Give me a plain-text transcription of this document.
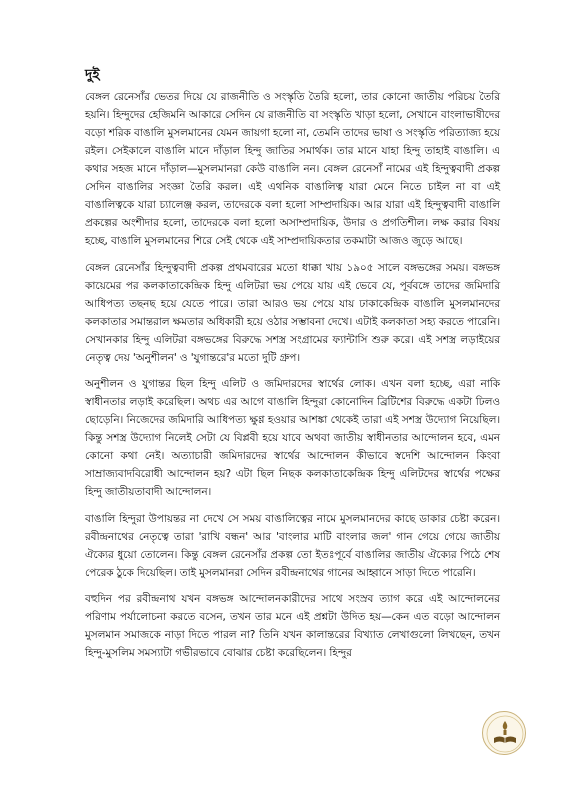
দুই

বেঙ্গল রেনেসাঁর ভেতর দিয়ে যে রাজনীতি ও সংস্কৃতি তৈরি হলো, তার কোনো জাতীয় পরিচয় তৈরি হয়নি। হিন্দুদের হেজিমনি আকারে সেদিন যে রাজনীতি বা সংস্কৃতি খাড়া হলো, সেখানে বাংলাভাষীদের বড়ো শরিক বাঙালি মুসলমানের যেমন জায়গা হলো না, তেমনি তাদের ভাষা ও সংস্কৃতি পরিত্যাজ্য হয়ে রইল। সেইকালে বাঙালি মানে দাঁড়াল হিন্দু জাতির সমার্থক। তার মানে যাহা হিন্দু তাহাই বাঙালি। এ কথার সহজ মানে দাঁড়াল—মুসলমানরা কেউ বাঙালি নন। বেঙ্গল রেনেসাঁ নামের এই হিন্দুত্ববাদী প্রকল্প সেদিন বাঙালির সংজ্ঞা তৈরি করল। এই এথনিক বাঙালিত্ব যারা মেনে নিতে চাইল না বা এই বাঙালিত্বকে যারা চ্যালেঞ্জ করল, তাদেরকে বলা হলো সাম্প্রদায়িক। আর যারা এই হিন্দুত্ববাদী বাঙালি প্রকল্পের অংশীদার হলো, তাদেরকে বলা হলো অসাম্প্রদায়িক, উদার ও প্রগতিশীল। লক্ষ করার বিষয় হচ্ছে, বাঙালি মুসলমানের শিরে সেই থেকে এই সাম্প্রদায়িকতার তকমাটা আজও জুড়ে আছে।

বেঙ্গল রেনেসাঁর হিন্দুত্ববাদী প্রকল্প প্রথমবারের মতো ধাক্কা খায় ১৯০৫ সালে বঙ্গভঙ্গের সময়। বঙ্গভঙ্গ কায়েমের পর কলকাতাকেন্দ্রিক হিন্দু এলিটরা ভয় পেয়ে যায় এই ভেবে যে, পূর্ববঙ্গে তাদের জমিদারি আধিপত্য তছনছ হয়ে যেতে পারে। তারা আরও ভয় পেয়ে যায় ঢাকাকেন্দ্রিক বাঙালি মুসলমানদের কলকাতার সমান্তরাল ক্ষমতার অধিকারী হয়ে ওঠার সম্ভাবনা দেখে। এটাই কলকাতা সহ্য করতে পারেনি। সেখানকার হিন্দু এলিটরা বঙ্গভঙ্গের বিরুদ্ধে সশস্ত্র সংগ্রামের ফ্যান্টাসি শুরু করে। এই সশস্ত্র লড়াইয়ের নেতৃত্ব দেয় 'অনুশীলন' ও 'যুগান্তরে'র মতো দুটি গ্রুপ।

অনুশীলন ও যুগান্তর ছিল হিন্দু এলিট ও জমিদারদের স্বার্থের লোক। এখন বলা হচ্ছে, এরা নাকি স্বাধীনতার লড়াই করেছিল। অথচ এর আগে বাঙালি হিন্দুরা কোনোদিন ব্রিটিশের বিরুদ্ধে একটা ঢিলও ছোড়েনি। নিজেদের জমিদারি আধিপত্য ক্ষুণ্ণ হওয়ার আশঙ্কা থেকেই তারা এই সশস্ত্র উদ্যোগ নিয়েছিল। কিন্তু সশস্ত্র উদ্যোগ নিলেই সেটা যে বিপ্লবী হয়ে যাবে অথবা জাতীয় স্বাধীনতার আন্দোলন হবে, এমন কোনো কথা নেই। অত্যাচারী জমিদারদের স্বার্থের আন্দোলন কীভাবে স্বদেশি আন্দোলন কিংবা সাম্রাজ্যবাদবিরোধী আন্দোলন হয়? এটা ছিল নিছক কলকাতাকেন্দ্রিক হিন্দু এলিটদের স্বার্থের পক্ষের হিন্দু জাতীয়তাবাদী আন্দোলন।

বাঙালি হিন্দুরা উপায়ন্তর না দেখে সে সময় বাঙালিত্বের নামে মুসলমানদের কাছে ডাকার চেষ্টা করেন। রবীন্দ্রনাথের নেতৃত্বে তারা 'রাখি বন্ধন' আর 'বাংলার মাটি বাংলার জল' গান গেয়ে গেয়ে জাতীয় ঐক্যের ধুয়ো তোলেন। কিন্তু বেঙ্গল রেনেসাঁর প্রকল্প তো ইতঃপূর্বে বাঙালির জাতীয় ঐক্যের পিঠে শেষ পেরেক ঠুকে দিয়েছিল। তাই মুসলমানরা সেদিন রবীন্দ্রনাথের গানের আহ্বানে সাড়া দিতে পারেনি।

বহুদিন পর রবীন্দ্রনাথ যখন বঙ্গভঙ্গ আন্দোলনকারীদের সাথে সংস্রব ত্যাগ করে এই আন্দোলনের পরিণাম পর্যালোচনা করতে বসেন, তখন তার মনে এই প্রশ্নটা উদিত হয়—কেন এত বড়ো আন্দোলন মুসলমান সমাজকে নাড়া দিতে পারল না? তিনি যখন কালান্তরের বিখ্যাত লেখাগুলো লিখছেন, তখন হিন্দু-মুসলিম সমস্যাটা গভীরভাবে বোঝার চেষ্টা করেছিলেন। হিন্দুর
